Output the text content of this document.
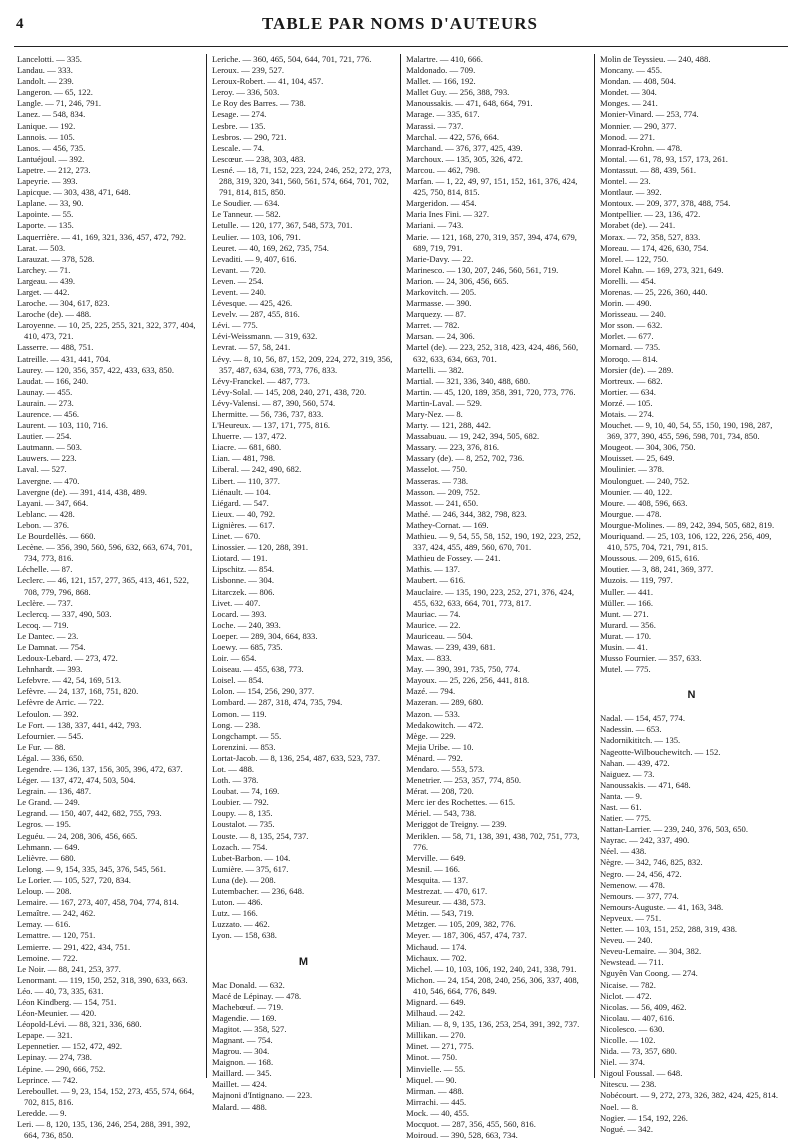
4	TABLE PAR NOMS D'AUTEURS

Lancelotti. — 335.

Landau. — 333.

Landolt. — 239.

Langeron. — 65, 122.

Langle. — 71, 246, 791.

Lanez. — 548, 834.

Lanique. — 192.

Lannois. — 105.

Lanos. — 456, 735.

Lantuéjoul. — 392.

Lapetre. — 212, 273.

Lapeyrie. — 393.

Lapicque. — 303, 438, 471, 648.

Laplane. — 33, 90.

Lapointe. — 55.

Laporte. — 135.

Laquerrière. — 41, 169, 321, 336, 457, 472, 792.

Larat. — 503.

Larauzat. — 378, 528.

Larchey. — 71.

Largeau. — 439.

Larget. — 442.

Laroche. — 304, 617, 823.

Laroche (de). — 488.

Laroyenne. — 10, 25, 225, 255, 321, 322, 377, 404, 410, 473, 721.

Lasserre. — 488, 751.

Latreille. — 431, 441, 704.

Laurey. — 120, 356, 357, 422, 433, 633, 850.

Laudat. — 166, 240.

Launay. — 455.

Laurain. — 273.

Laurence. — 456.

Laurent. — 103, 110, 716.

Lautier. — 254.

Lautmann. — 503.

Lauwers. — 223.

Laval. — 527.

Lavergne. — 470.

Lavergne (de). — 391, 414, 438, 489.

Layani. — 347, 664.

Leblanc. — 428.

Lebon. — 376.

Le Bourdellès. — 660.

Lecène. — 356, 390, 560, 596, 632, 663, 674, 701, 734, 773, 816.

Léchelle. — 87.

Leclerc. — 46, 121, 157, 277, 365, 413, 461, 522, 708, 779, 796, 868.

Leclère. — 737.

Leclercq. — 337, 490, 503.

Lecoq. — 719.

Le Dantec. — 23.

Le Damnat. — 754.

Ledoux-Lebard. — 273, 472.

Lehnhardt. — 393.

Lefebvre. — 42, 54, 169, 513.

Lefèvre. — 24, 137, 168, 751, 820.

Lefèvre de Arric. — 722.

Lefoulon. — 392.

Le Fort. — 138, 337, 441, 442, 793.

Lefournier. — 545.

Le Fur. — 88.

Légal. — 336, 650.

Legendre. — 136, 137, 156, 305, 396, 472, 637.

Léger. — 137, 472, 474, 503, 504.

Legrain. — 136, 487.

Le Grand. — 249.

Legrand. — 150, 407, 442, 682, 755, 793.

Legros. — 195.

Leguéu. — 24, 208, 306, 456, 665.

Lehmann. — 649.

Lelièvre. — 680.

Lelong. — 9, 154, 335, 345, 376, 545, 561.

Le Lorier. — 105, 527, 720, 834.

Leloup. — 208.

Lemaire. — 167, 273, 407, 458, 704, 774, 814.

Lemaître. — 242, 462.

Lemay. — 616.

Lemattre. — 120, 751.

Lemierre. — 291, 422, 434, 751.

Lemoine. — 722.

Le Noir. — 88, 241, 253, 377.

Lenormant. — 119, 150, 252, 318, 390, 633, 663.

Léo. — 40, 73, 335, 631.

Léon Kindberg. — 154, 751.

Léon-Meunier. — 420.

Léopold-Lévi. — 88, 321, 336, 680.

Lepape. — 321.

Lepennetier. — 152, 472, 492.

Lepinay. — 274, 738.

Lépine. — 290, 666, 752.

Leprince. — 742.

Lereboullet. — 9, 23, 154, 152, 273, 455, 574, 664, 702, 815, 816.

Leredde. — 9.

Leri. — 8, 120, 135, 136, 246, 254, 288, 391, 392, 664, 736, 850.

Leriche. — 360, 465, 504, 644, 701, 721, 776.

Leroux. — 239, 527.

Leroux-Robert. — 41, 104, 457.

Leroy. — 336, 503.

Le Roy des Barres. — 738.

Lesage. — 274.

Lesbre. — 135.

Lesbros. — 290, 721.

Lescale. — 74.

Lescœur. — 238, 303, 483.

Lesné. — 18, 71, 152, 223, 224, 246, 252, 272, 273, 288, 319, 320, 341, 560, 561, 574, 664, 701, 702, 791, 814, 815, 850.

Le Soudier. — 634.

Le Tanneur. — 582.

Letulle. — 120, 177, 367, 548, 573, 701.

Leulier. — 103, 106, 791.

Leuret. — 40, 169, 262, 735, 754.

Levaditi. — 9, 407, 616.

Levant. — 720.

Leven. — 254.

Levent. — 240.

Lévesque. — 425, 426.

Levelv. — 287, 455, 816.

Lévi. — 775.

Lévi-Weissmann. — 319, 632.

Levrat. — 57, 58, 241.

Lévy. — 8, 10, 56, 87, 152, 209, 224, 272, 319, 356, 357, 487, 634, 638, 773, 776, 833.

Lévy-Franckel. — 487, 773.

Lévy-Solal. — 145, 208, 240, 271, 438, 720.

Lévy-Valensi. — 87, 390, 560, 574.

Lhermitte. — 56, 736, 737, 833.

L'Heureux. — 137, 171, 775, 816.

Lhuerre. — 137, 472.

Liacre. — 681, 680.

Lian. — 481, 798.

Liberal. — 242, 490, 682.

Libert. — 110, 377.

Liénault. — 104.

Liégard. — 547.

Lieux. — 40, 792.

Lignières. — 617.

Linet. — 670.

Linossier. — 120, 288, 391.

Liotard. — 191.

Lipschitz. — 854.

Lisbonne. — 304.

Litarczek. — 806.

Livet. — 407.

Locard. — 393.

Loche. — 240, 393.

Loeper. — 289, 304, 664, 833.

Loewy. — 685, 735.

Loir. — 654.

Loiseau. — 455, 638, 773.

Loisel. — 854.

Lolon. — 154, 256, 290, 377.

Lombard. — 287, 318, 474, 735, 794.

Lomon. — 119.

Long. — 238.

Longchampt. — 55.

Lorenzini. — 853.

Lortat-Jacob. — 8, 136, 254, 487, 633, 523, 737.

Lot. — 488.

Loth. — 378.

Loubat. — 74, 169.

Loubier. — 792.

Loupy. — 8, 135.

Loustalot. — 735.

Louste. — 8, 135, 254, 737.

Lozach. — 754.

Lubet-Barbon. — 104.

Lumière. — 375, 617.

Luna (de). — 208.

Lutembacher. — 236, 648.

Luton. — 486.

Lutz. — 166.

Luzzato. — 462.

Lyon. — 158, 638.

M

Mac Donald. — 632.

Macé de Lépinay. — 478.

Machebœuf. — 719.

Magendie. — 169.

Magitot. — 358, 527.

Magnant. — 754.

Magrou. — 304.

Maignon. — 168.

Maillard. — 345.

Maillet. — 424.

Majnoni d'Intignano. — 223.

Malard. — 488.

Malartre. — 410, 666.

Maldonado. — 709.

Mallet. — 166, 192.

Mallet Guy. — 256, 388, 793.

Manoussakis. — 471, 648, 664, 791.

Marage. — 335, 617.

Marassi. — 737.

Marchal. — 422, 576, 664.

Marchand. — 376, 377, 425, 439.

Marchoux. — 135, 305, 326, 472.

Marcou. — 462, 798.

Marfan. — 1, 22, 49, 97, 151, 152, 161, 376, 424, 425, 750, 814, 815.

Margeridon. — 454.

Maria Ines Fini. — 327.

Mariani. — 743.

Marie. — 121, 168, 270, 319, 357, 394, 474, 679, 689, 719, 791.

Marie-Davy. — 22.

Marinesco. — 130, 207, 246, 560, 561, 719.

Marion. — 24, 306, 456, 665.

Markovitch. — 205.

Marmasse. — 390.

Marquezy. — 87.

Marret. — 782.

Marsan. — 24, 306.

Martel (de). — 223, 252, 318, 423, 424, 486, 560, 632, 633, 634, 663, 701.

Martelli. — 382.

Martial. — 321, 336, 340, 488, 680.

Martin. — 45, 120, 189, 358, 391, 720, 773, 776.

Martin-Laval. — 529.

Mary-Nez. — 8.

Marty. — 121, 288, 442.

Massabuau. — 19, 242, 394, 505, 682.

Massary. — 223, 376, 816.

Massary (de). — 8, 252, 702, 736.

Masselot. — 750.

Masseras. — 738.

Masson. — 209, 752.

Massot. — 241, 650.

Mathé. — 246, 344, 382, 798, 823.

Mathey-Cornat. — 169.

Mathieu. — 9, 54, 55, 58, 152, 190, 192, 223, 252, 337, 424, 455, 489, 560, 670, 701.

Mathieu de Fossey. — 241.

Mathis. — 137.

Maubert. — 616.

Mauclaire. — 135, 190, 223, 252, 271, 376, 424, 455, 632, 633, 664, 701, 773, 817.

Mauriac. — 74.

Maurice. — 22.

Mauriceau. — 504.

Mawas. — 239, 439, 681.

Max. — 833.

May. — 390, 391, 735, 750, 774.

Mayoux. — 25, 226, 256, 441, 818.

Mazé. — 794.

Mazeran. — 289, 680.

Mazon. — 533.

Medakowitch. — 472.

Mège. — 229.

Mejia Uribe. — 10.

Ménard. — 792.

Mendaro. — 553, 573.

Menetrier. — 253, 357, 774, 850.

Mérat. — 208, 720.

Merc ier des Rochettes. — 615.

Mériel. — 543, 738.

Meriggot de Treigny. — 239.

Meriklen. — 58, 71, 138, 391, 438, 702, 751, 773, 776.

Merville. — 649.

Mesnil. — 166.

Mesquita. — 137.

Mestrezat. — 470, 617.

Mesureur. — 438, 573.

Métin. — 543, 719.

Metzger. — 105, 209, 382, 776.

Meyer. — 187, 306, 457, 474, 737.

Michaud. — 174.

Michaux. — 702.

Michel. — 10, 103, 106, 192, 240, 241, 338, 791.

Michon. — 24, 154, 208, 240, 256, 306, 337, 408, 410, 546, 664, 776, 849.

Mignard. — 649.

Milhaud. — 242.

Milian. — 8, 9, 135, 136, 253, 254, 391, 392, 737.

Millikan. — 270.

Minet. — 271, 775.

Minot. — 750.

Minvielle. — 55.

Miquel. — 90.

Mirman. — 488.

Mirrachi. — 445.

Mock. — 40, 455.

Mocquot. — 287, 356, 455, 560, 816.

Moiroud. — 390, 528, 663, 734.

Molin de Teyssieu. — 240, 488.

Moncany. — 455.

Mondan. — 408, 504.

Mondet. — 304.

Monges. — 241.

Monier-Vinard. — 253, 774.

Monnier. — 290, 377.

Monod. — 271.

Monrad-Krohn. — 478.

Montal. — 61, 78, 93, 157, 173, 261.

Montassut. — 88, 439, 561.

Montel. — 23.

Montlaur. — 392.

Montoux. — 209, 377, 378, 488, 754.

Montpellier. — 23, 136, 472.

Morabet (de). — 241.

Morax. — 72, 358, 527, 833.

Moreau. — 174, 426, 630, 754.

Morel. — 122, 750.

Morel Kahn. — 169, 273, 321, 649.

Morelli. — 454.

Morenas. — 25, 226, 360, 440.

Morin. — 490.

Morisseau. — 240.

Mor sson. — 632.

Morlet. — 677.

Mornard. — 735.

Moroqo. — 814.

Morsier (de). — 289.

Mortreux. — 682.

Mortier. — 634.

Morzé. — 105.

Motais. — 274.

Mouchet. — 9, 10, 40, 54, 55, 150, 190, 198, 287, 369, 377, 390, 455, 596, 598, 701, 734, 850.

Mougeot. — 304, 306, 750.

Mouisset. — 25, 649.

Moulinier. — 378.

Moulonguet. — 240, 752.

Mounier. — 40, 122.

Moure. — 408, 596, 663.

Mourgue. — 478.

Mourgue-Molines. — 89, 242, 394, 505, 682, 819.

Mouriquand. — 25, 103, 106, 122, 226, 256, 409, 410, 575, 704, 721, 791, 815.

Moussous. — 209, 615, 616.

Moutier. — 3, 88, 241, 369, 377.

Muzois. — 119, 797.

Muller. — 441.

Müller. — 166.

Munt. — 271.

Murard. — 356.

Murat. — 170.

Musin. — 41.

Musso Fournier. — 357, 633.

Mutel. — 775.

N

Nadal. — 154, 457, 774.

Nadessin. — 653.

Nadornikititch. — 135.

Nageotte-Wilbouchewitch. — 152.

Nahan. — 439, 472.

Naiguez. — 73.

Nanoussakis. — 471, 648.

Nanta. — 9.

Nast. — 61.

Natier. — 775.

Nattan-Larrier. — 239, 240, 376, 503, 650.

Nayrac. — 242, 337, 490.

Néel. — 438.

Nègre. — 342, 746, 825, 832.

Negro. — 24, 456, 472.

Nemenow. — 478.

Nemours. — 377, 774.

Nemours-Auguste. — 41, 163, 348.

Nepveux. — 751.

Netter. — 103, 151, 252, 288, 319, 438.

Neveu. — 240.

Neveu-Lemaire. — 304, 382.

Newstead. — 711.

Nguyên Van Coong. — 274.

Nicaise. — 782.

Niclot. — 472.

Nicolas. — 56, 409, 462.

Nicolau. — 407, 616.

Nicolesco. — 630.

Nicolle. — 102.

Nida. — 73, 357, 680.

Niel. — 374.

Nigoul Foussal. — 648.

Nitescu. — 238.

Nobécourt. — 9, 272, 273, 326, 382, 424, 425, 814.

Noel. — 8.

Nogier. — 154, 192, 226.

Nogué. — 342.
